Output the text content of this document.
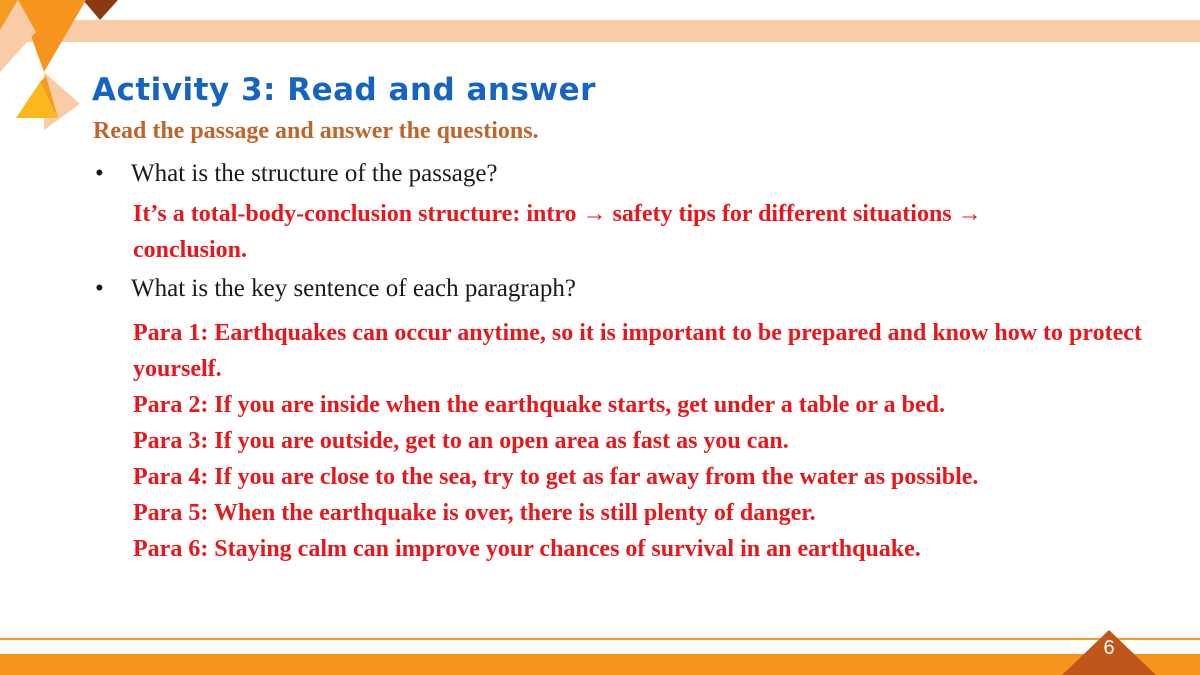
Activity 3: Read and answer

Read the passage and answer the questions.

• What is the structure of the passage?

It’s a total-body-conclusion structure: intro → safety tips for different situations → conclusion.

• What is the key sentence of each paragraph?

Para 1: Earthquakes can occur anytime, so it is important to be prepared and know how to protect yourself.
Para 2: If you are inside when the earthquake starts, get under a table or a bed.
Para 3: If you are outside, get to an open area as fast as you can.
Para 4: If you are close to the sea, try to get as far away from the water as possible.
Para 5: When the earthquake is over, there is still plenty of danger.
Para 6: Staying calm can improve your chances of survival in an earthquake.
6
